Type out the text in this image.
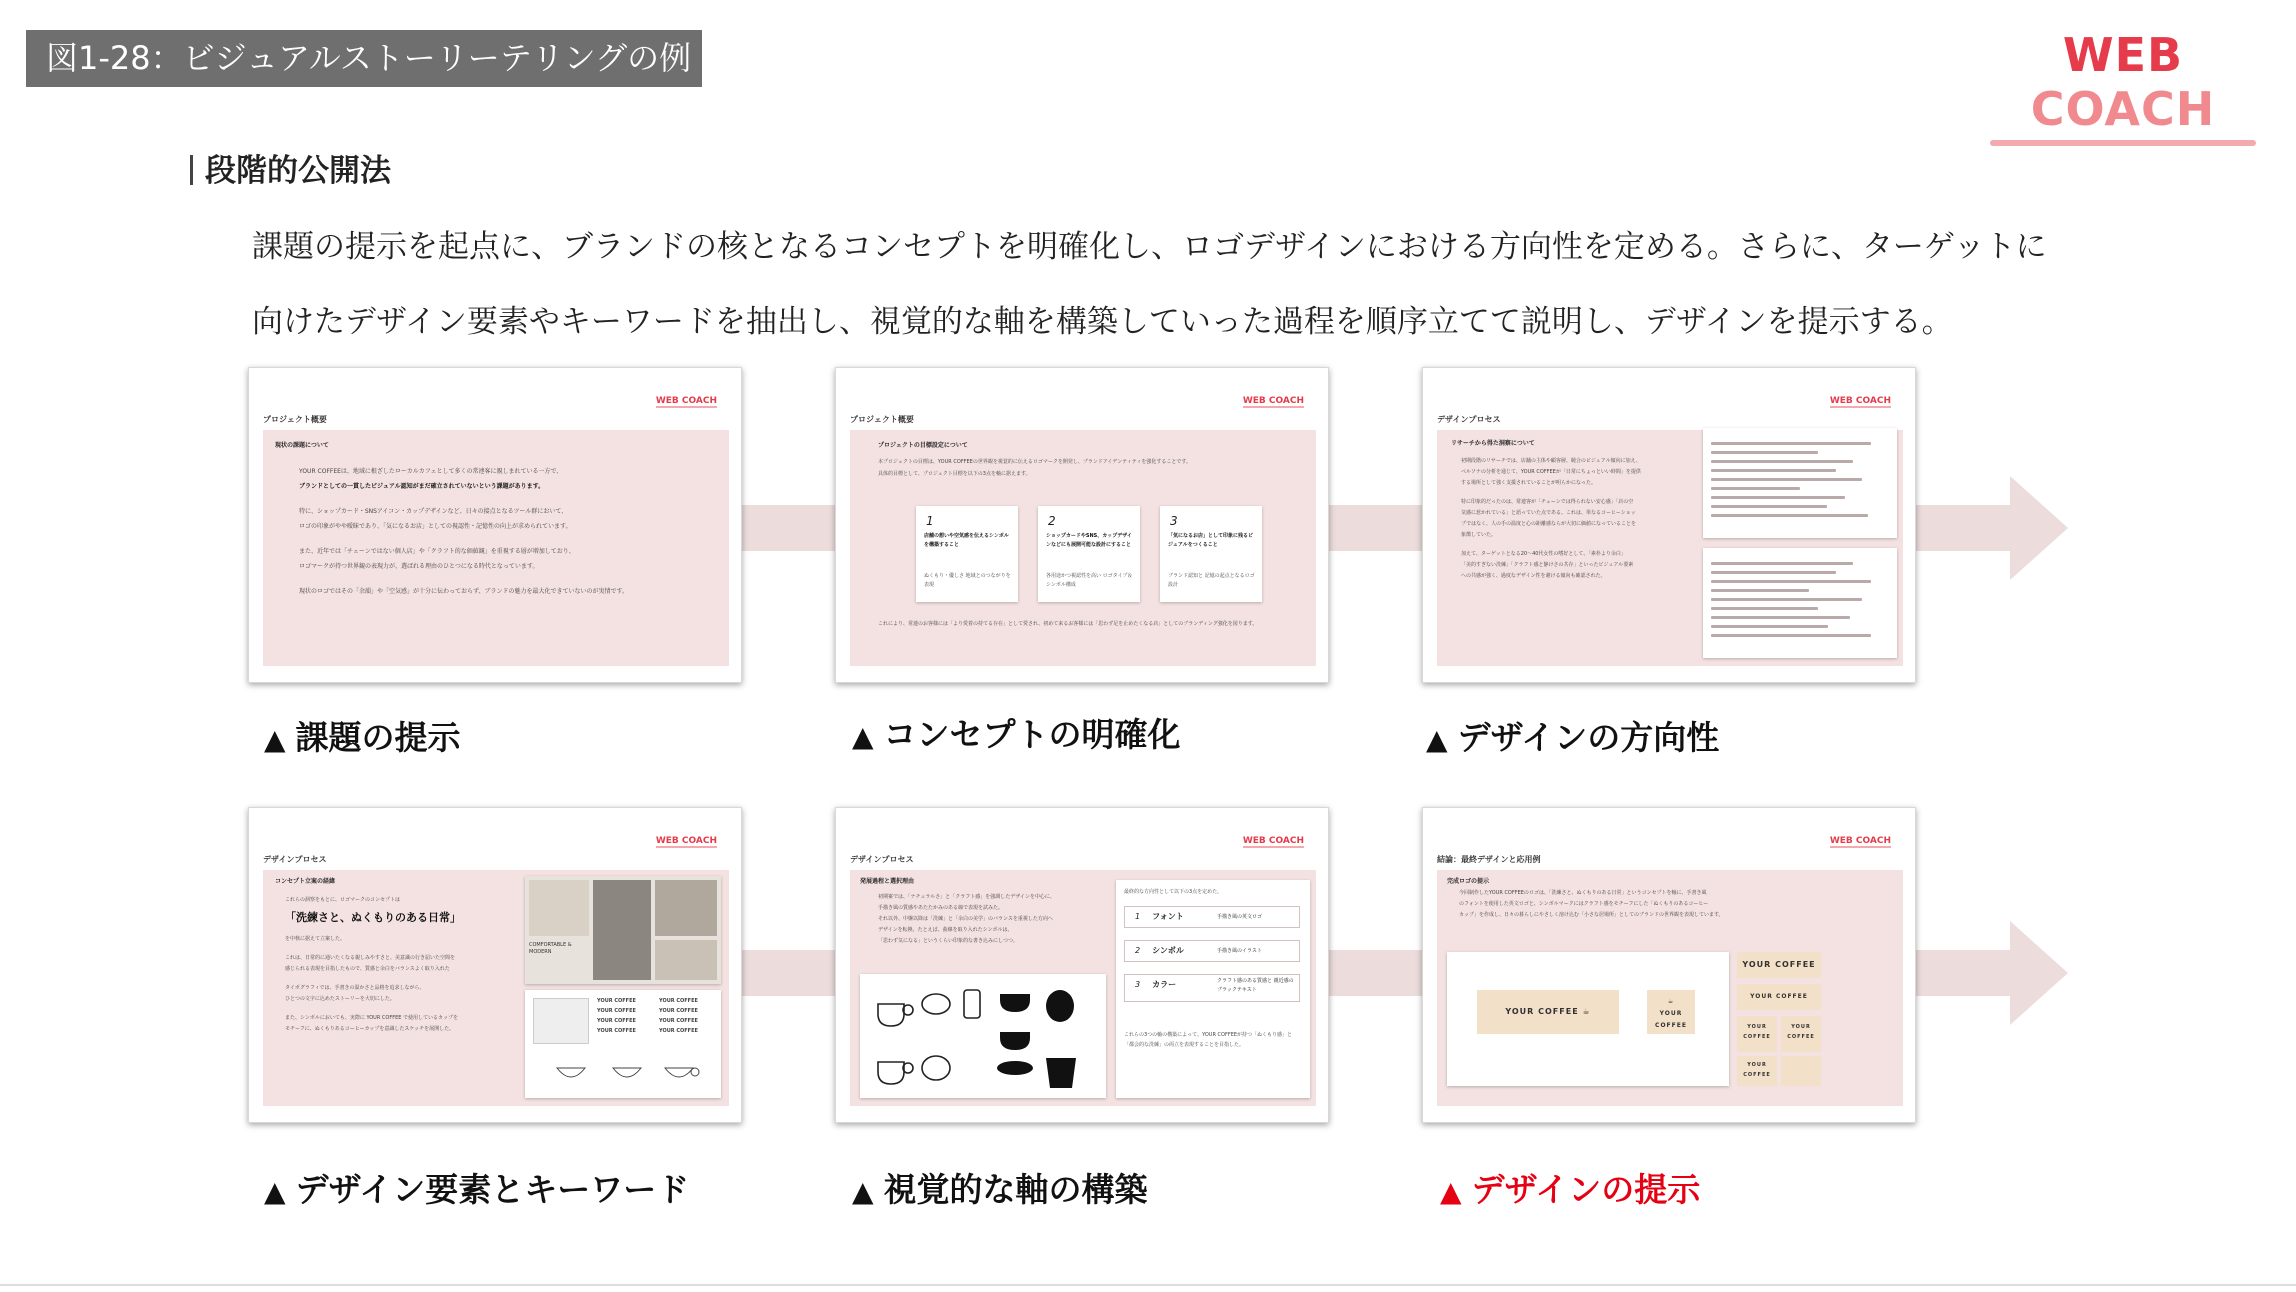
図1-28：ビジュアルストーリーテリングの例	WEB COACH
段階的公開法
課題の提示を起点に、ブランドの核となるコンセプトを明確化し、ロゴデザインにおける方向性を定める。さらに、ターゲットに向けたデザイン要素やキーワードを抽出し、視覚的な軸を構築していった過程を順序立てて説明し、デザインを提示する。
プロジェクト概要
WEB COACH
現状の課題について
YOUR COFFEEは、地域に根ざしたローカルカフェとして多くの常連客に親しまれている一方で、
ブランドとしての一貫したビジュアル認知がまだ確立されていないという課題があります。
特に、ショップカード・SNSアイコン・カップデザインなど、日々の接点となるツール群において、
ロゴの印象がやや曖昧であり、「気になるお店」としての視認性・記憶性の向上が求められています。
また、近年では「チェーンではない個人店」や「クラフト的な価値観」を重視する層が増加しており、
ロゴマークが持つ世界観の表現力が、選ばれる理由のひとつになる時代となっています。
現状のロゴではその「余韻」や「空気感」が十分に伝わっておらず、ブランドの魅力を最大化できていないのが実情です。
プロジェクト概要
WEB COACH
プロジェクトの目標設定について
本プロジェクトの目標は、YOUR COFFEEの世界観を視覚的に伝えるロゴマークを開発し、ブランドアイデンティティを強化することです。
具体的目標として、プロジェクト目標を以下の3点を軸に据えます。
1
店舗の想いや空気感を伝えるシンボルを構築すること
ぬくもり・優しさ 地域とのつながりを表現
2
ショップカードやSNS、カップデザインなどにも展開可能な設計にすること
各用途かつ視認性を高い ロゴタイプ＆シンボル構成
3
「気になるお店」として印象に残るビジュアルをつくること
ブランド認知と 記憶の起点となるロゴ設計
これにより、常連のお客様には「より愛着の持てる存在」として愛され、初めて来るお客様には「思わず足を止めたくなる店」としてのブランディング強化を図ります。
デザインプロセス
WEB COACH
リサーチから得た洞察について
初期段階のリサーチでは、店舗の主体や顧客層、競合のビジュアル傾向に加え、
ペルソナの分析を通じて、YOUR COFFEEが「日常にちょっといい時間」を提供
する場所として強く支援されていることが明らかになった。
特に印象的だったのは、常連客が「チェーンでは得られない安心感」「店の空
気感に惹かれている」と語っていた点である。これは、単なるコーヒーショッ
プではなく、人の手の温度と心の距離感ならが大切に価値になっていることを
象徴していた。
加えて、ターゲットとなる20〜40代女性の嗜好として、「素朴より余白」
「美的すぎない洗練」「クラフト感と静けさの共存」といったビジュアル要素
への共感が強く、過度なデザイン性を避ける傾向も確認された。
デザインプロセス
WEB COACH
コンセプト立案の経緯
これらの洞察をもとに、ロゴマークのコンセプトは
「洗練さと、ぬくもりのある日常」
を中核に据えて立案した。
これは、日常的に通いたくなる親しみやすさと、美意識の行き届いた空間を
感じられる表現を目指したもので、質感と余白をバランスよく取り入れた
タイポグラフィでは、手書きの温かさと品格を追求しながら、
ひとつの文字に込めたストーリーを大切にした。
また、シンボルにおいても、実際に YOUR COFFEE で使用しているカップを
モチーフに、ぬくもりあるコーヒーカップを意識したスケッチを展開した。
COMFORTABLE & MODERN
YOUR COFFEE
YOUR COFFEE
YOUR COFFEE
YOUR COFFEE
YOUR COFFEE
YOUR COFFEE
YOUR COFFEE
YOUR COFFEE
デザインプロセス
WEB COACH
発展過程と選択理由
初期案では、「ナチュラルさ」と「クラフト感」を強調したデザインを中心に、
手描き風の質感やあたたかみのある線で表現を試みた。
それ以外、中盤以降は「洗練」と「余白の美学」のバランスを重視した方向へ
デザインを転換。たとえば、曲線を取り入れたシンボルは、
「思わず気になる」というくらい印象的な書き込みにしつつ。
最終的な方向性として以下の3点を定めた。
1 フォント	手描き風の英文ロゴ
2 シンボル	手描き風のイラスト
3 カラー	クラフト感のある質感と 親近感のブラックテキスト
これらの3つの軸の構築によって、YOUR COFFEEが持つ「ぬくもり感」と「都会的な洗練」の両立を表現することを目指した。
結論：最終デザインと応用例
WEB COACH
完成ロゴの提示
今回制作したYOUR COFFEEのロゴは、「洗練さと、ぬくもりのある日常」というコンセプトを軸に、手書き風
のフォントを使用した英文ロゴと、シンボルマークにはクラフト感をモチーフにした「ぬくもりのあるコーヒー
カップ」を作成し、日々の暮らしにやさしく溶け込む「小さな居場所」としてのブランドの世界観を表現しています。
YOUR COFFEE ☕
☕
YOUR COFFEE
YOUR COFFEE
YOUR COFFEE
YOUR COFFEE
YOUR COFFEE
YOUR COFFEE
▲ 課題の提示	▲ コンセプトの明確化	▲ デザインの方向性
▲ デザイン要素とキーワード	▲ 視覚的な軸の構築	▲ デザインの提示
